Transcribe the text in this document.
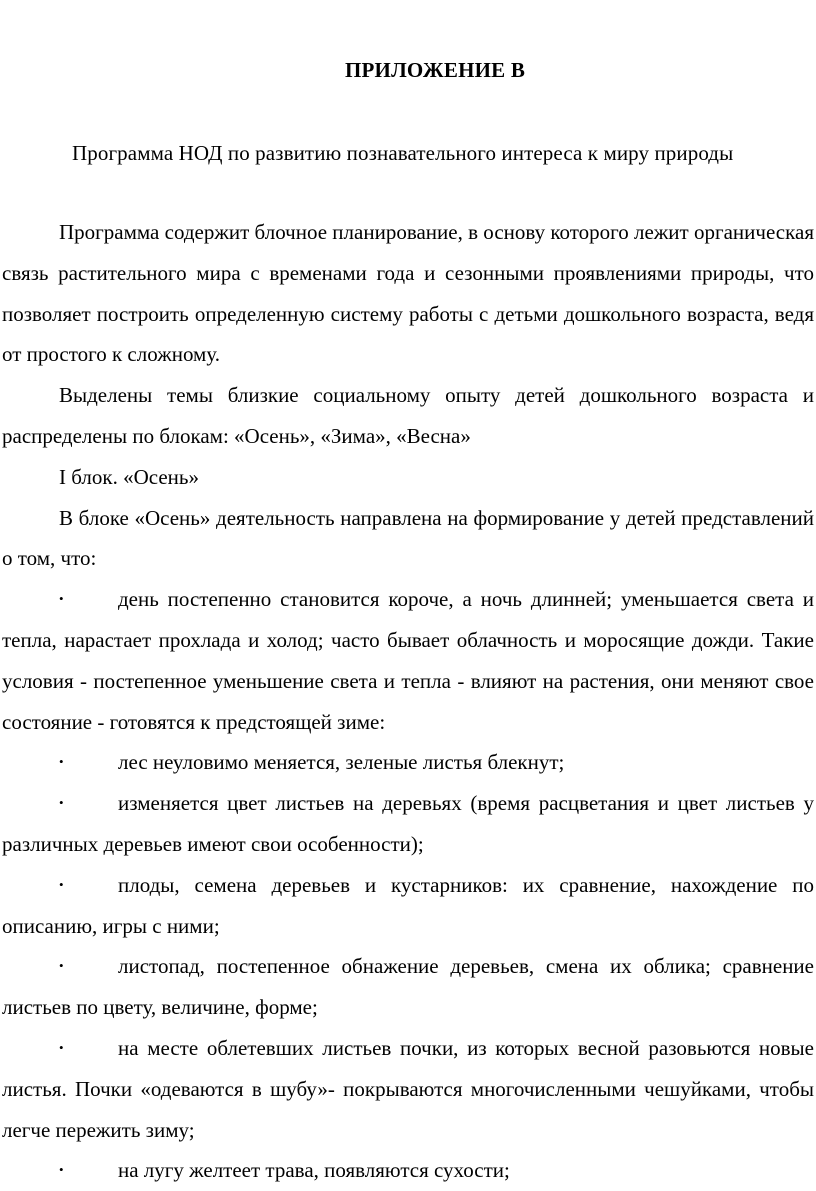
ПРИЛОЖЕНИЕ В
Программа НОД по развитию познавательного интереса к миру природы

Программа содержит блочное планирование, в основу которого лежит органическая связь растительного мира с временами года и сезонными проявлениями природы, что позволяет построить определенную систему работы с детьми дошкольного возраста, ведя от простого к сложному.

Выделены темы близкие социальному опыту детей дошкольного возраста и распределены по блокам: «Осень», «Зима», «Весна»

I блок. «Осень»

В блоке «Осень» деятельность направлена на формирование у детей представлений о том, что:

•	день постепенно становится короче, а ночь длинней; уменьшается света и тепла, нарастает прохлада и холод; часто бывает облачность и моросящие дожди. Такие условия - постепенное уменьшение света и тепла - влияют на растения, они меняют свое состояние - готовятся к предстоящей зиме:

•	лес неуловимо меняется, зеленые листья блекнут;

•	изменяется цвет листьев на деревьях (время расцветания и цвет листьев у различных деревьев имеют свои особенности);

•	плоды, семена деревьев и кустарников: их сравнение, нахождение по описанию, игры с ними;

•	листопад, постепенное обнажение деревьев, смена их облика; сравнение листьев по цвету, величине, форме;

•	на месте облетевших листьев почки, из которых весной разовьются новые листья. Почки «одеваются в шубу»- покрываются многочисленными чешуйками, чтобы легче пережить зиму;

•	на лугу желтеет трава, появляются сухости;
